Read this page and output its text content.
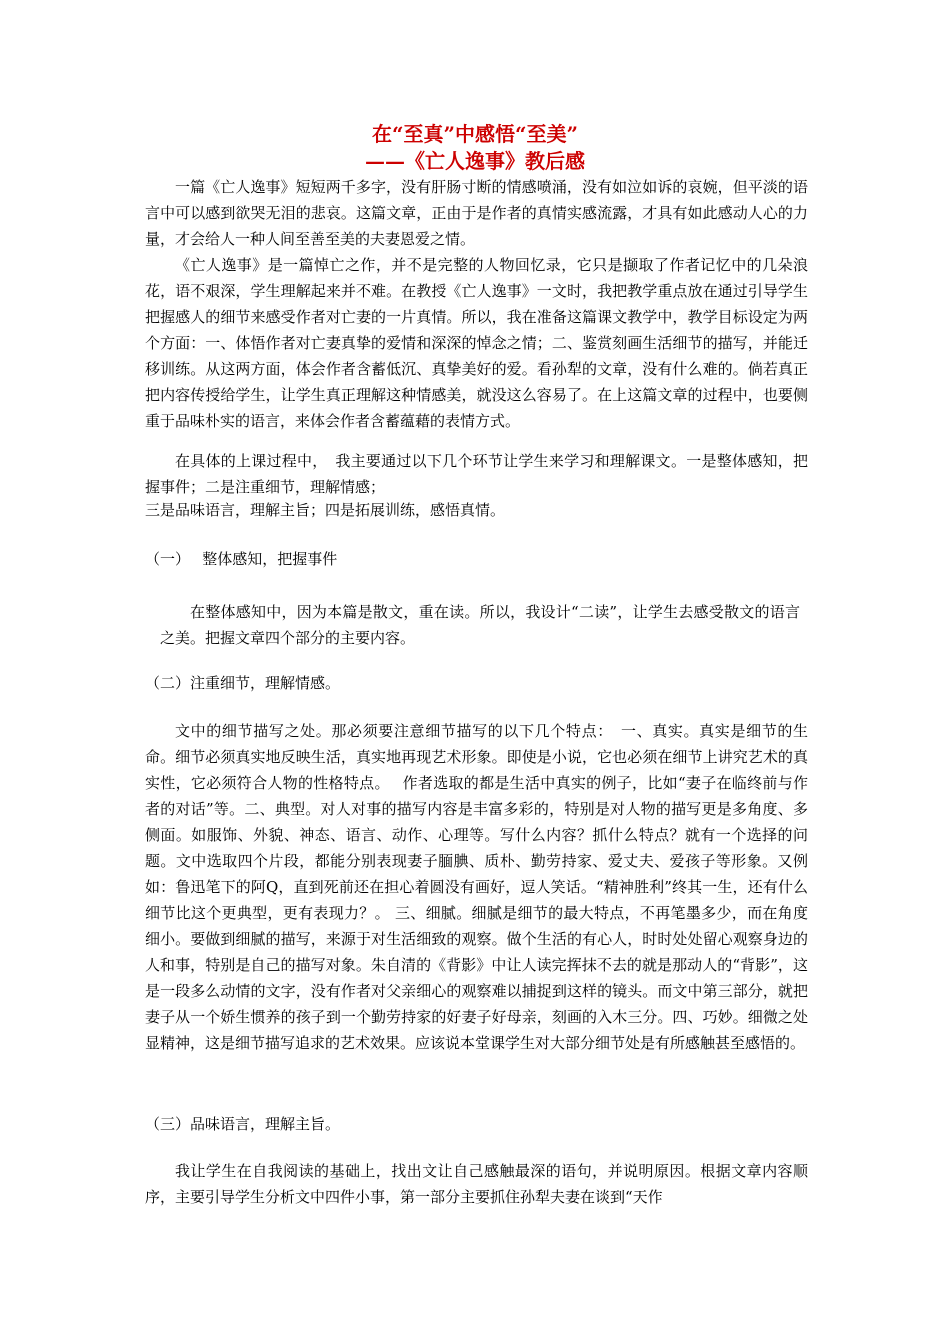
在“至真”中感悟“至美”
——《亡人逸事》教后感

一篇《亡人逸事》短短两千多字，没有肝肠寸断的情感喷涌，没有如泣如诉的哀婉，但平淡的语言中可以感到欲哭无泪的悲哀。这篇文章，正由于是作者的真情实感流露，才具有如此感动人心的力量，才会给人一种人间至善至美的夫妻恩爱之情。

《亡人逸事》是一篇悼亡之作，并不是完整的人物回忆录，它只是撷取了作者记忆中的几朵浪花，语不艰深，学生理解起来并不难。在教授《亡人逸事》一文时，我把教学重点放在通过引导学生把握感人的细节来感受作者对亡妻的一片真情。所以，我在准备这篇课文教学中，教学目标设定为两个方面：一、体悟作者对亡妻真挚的爱情和深深的悼念之情；二、鉴赏刻画生活细节的描写，并能迁移训练。从这两方面，体会作者含蓄低沉、真挚美好的爱。看孙犁的文章，没有什么难的。倘若真正把内容传授给学生，让学生真正理解这种情感美，就没这么容易了。在上这篇文章的过程中，也要侧重于品味朴实的语言，来体会作者含蓄蕴藉的表情方式。

在具体的上课过程中，　我主要通过以下几个环节让学生来学习和理解课文。一是整体感知，把握事件；二是注重细节，理解情感；

三是品味语言，理解主旨；四是拓展训练，感悟真情。

（一）　 整体感知，把握事件

在整体感知中，因为本篇是散文，重在读。所以，我设计“二读”，让学生去感受散文的语言之美。把握文章四个部分的主要内容。

（二）注重细节，理解情感。

文中的细节描写之处。那必须要注意细节描写的以下几个特点：　一、真实。真实是细节的生命。细节必须真实地反映生活，真实地再现艺术形象。即使是小说，它也必须在细节上讲究艺术的真实性，它必须符合人物的性格特点。　 作者选取的都是生活中真实的例子，比如“妻子在临终前与作者的对话”等。二、典型。对人对事的描写内容是丰富多彩的，特别是对人物的描写更是多角度、多侧面。如服饰、外貌、神态、语言、动作、心理等。写什么内容？抓什么特点？就有一个选择的问题。文中选取四个片段，都能分别表现妻子腼腆、质朴、勤劳持家、爱丈夫、爱孩子等形象。又例如：鲁迅笔下的阿Q，直到死前还在担心着圆没有画好，逗人笑话。“精神胜利”终其一生，还有什么细节比这个更典型，更有表现力？。 三、细腻。细腻是细节的最大特点，不再笔墨多少，而在角度细小。要做到细腻的描写，来源于对生活细致的观察。做个生活的有心人，时时处处留心观察身边的人和事，特别是自己的描写对象。朱自清的《背影》中让人读完挥抹不去的就是那动人的“背影”，这是一段多么动情的文字，没有作者对父亲细心的观察难以捕捉到这样的镜头。而文中第三部分，就把妻子从一个娇生惯养的孩子到一个勤劳持家的好妻子好母亲，刻画的入木三分。四、巧妙。细微之处显精神，这是细节描写追求的艺术效果。应该说本堂课学生对大部分细节处是有所感触甚至感悟的。

（三）品味语言，理解主旨。

我让学生在自我阅读的基础上，找出文让自己感触最深的语句，并说明原因。根据文章内容顺序，主要引导学生分析文中四件小事，第一部分主要抓住孙犁夫妻在谈到“天作
